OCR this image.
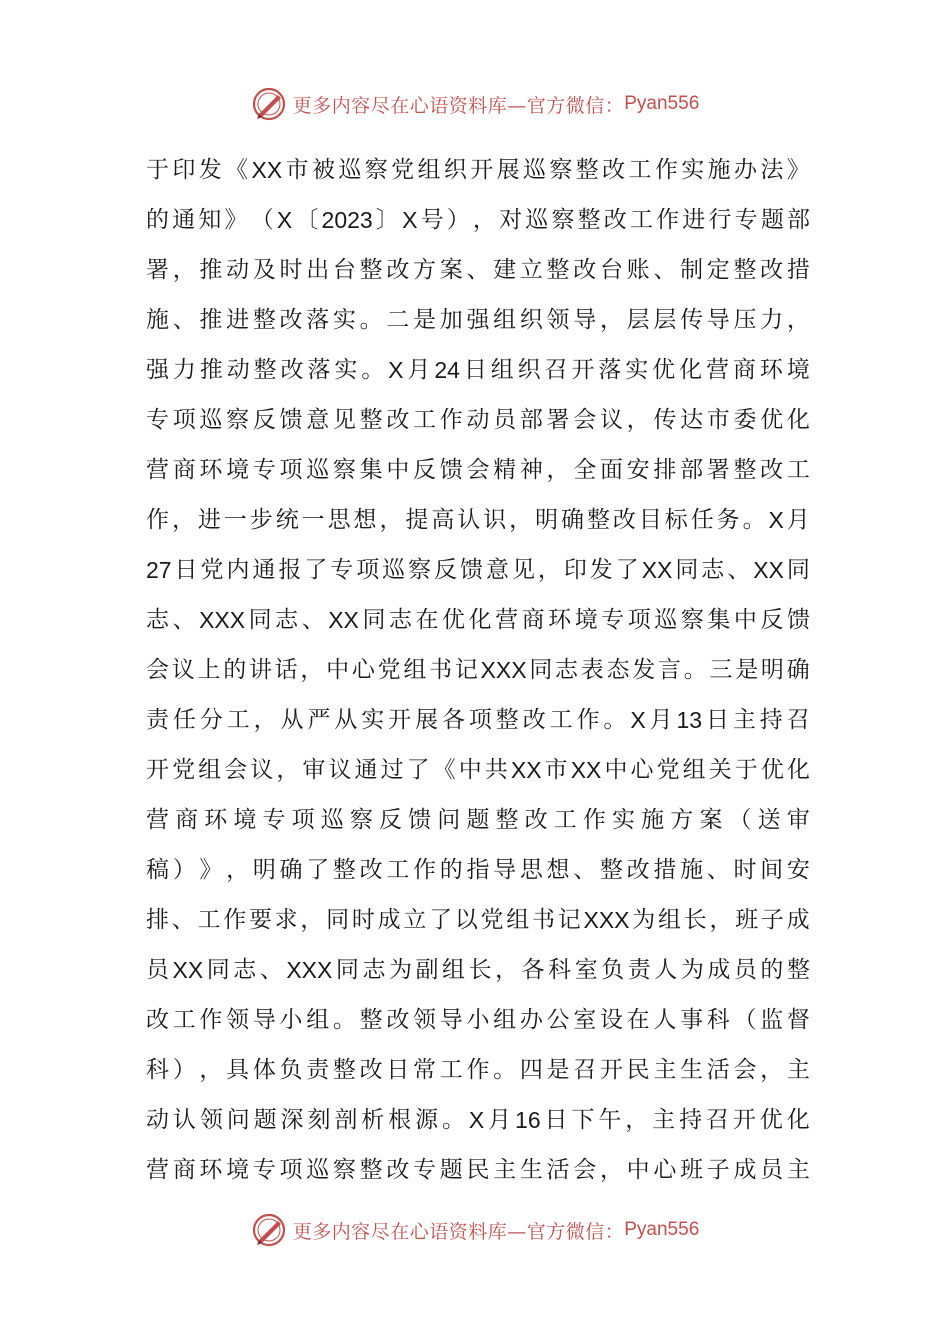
更多内容尽在心语资料库—官方微信： Pyan556
于 印 发 《 XX 市 被 巡 察 党 组 织 开 展 巡 察 整 改 工 作 实 施 办 法 》
的 通 知 》 （ X 〔 2023 〕 X 号 ） ， 对 巡 察 整 改 工 作 进 行 专 题 部
署 ， 推 动 及 时 出 台 整 改 方 案 、 建 立 整 改 台 账 、 制 定 整 改 措
施 、 推 进 整 改 落 实 。 二 是 加 强 组 织 领 导 ， 层 层 传 导 压 力 ，
强 力 推 动 整 改 落 实 。 X 月 24 日 组 织 召 开 落 实 优 化 营 商 环 境
专 项 巡 察 反 馈 意 见 整 改 工 作 动 员 部 署 会 议 ， 传 达 市 委 优 化
营 商 环 境 专 项 巡 察 集 中 反 馈 会 精 神 ， 全 面 安 排 部 署 整 改 工
作 ， 进 一 步 统 一 思 想 ， 提 高 认 识 ， 明 确 整 改 目 标 任 务 。 X 月
27 日 党 内 通 报 了 专 项 巡 察 反 馈 意 见 ， 印 发 了 XX 同 志 、 XX 同
志 、 XXX 同 志 、 XX 同 志 在 优 化 营 商 环 境 专 项 巡 察 集 中 反 馈
会 议 上 的 讲 话 ， 中 心 党 组 书 记 XXX 同 志 表 态 发 言 。 三 是 明 确
责 任 分 工 ， 从 严 从 实 开 展 各 项 整 改 工 作 。 X 月 13 日 主 持 召
开 党 组 会 议 ， 审 议 通 过 了 《 中 共 XX 市 XX 中 心 党 组 关 于 优 化
营 商 环 境 专 项 巡 察 反 馈 问 题 整 改 工 作 实 施 方 案 （ 送 审
稿 ） 》 ， 明 确 了 整 改 工 作 的 指 导 思 想 、 整 改 措 施 、 时 间 安
排 、 工 作 要 求 ， 同 时 成 立 了 以 党 组 书 记 XXX 为 组 长 ， 班 子 成
员 XX 同 志 、 XXX 同 志 为 副 组 长 ， 各 科 室 负 责 人 为 成 员 的 整
改 工 作 领 导 小 组 。 整 改 领 导 小 组 办 公 室 设 在 人 事 科 （ 监 督
科 ） ， 具 体 负 责 整 改 日 常 工 作 。 四 是 召 开 民 主 生 活 会 ， 主
动 认 领 问 题 深 刻 剖 析 根 源 。 X 月 16 日 下 午 ， 主 持 召 开 优 化
营 商 环 境 专 项 巡 察 整 改 专 题 民 主 生 活 会 ， 中 心 班 子 成 员 主
更多内容尽在心语资料库—官方微信： Pyan556
